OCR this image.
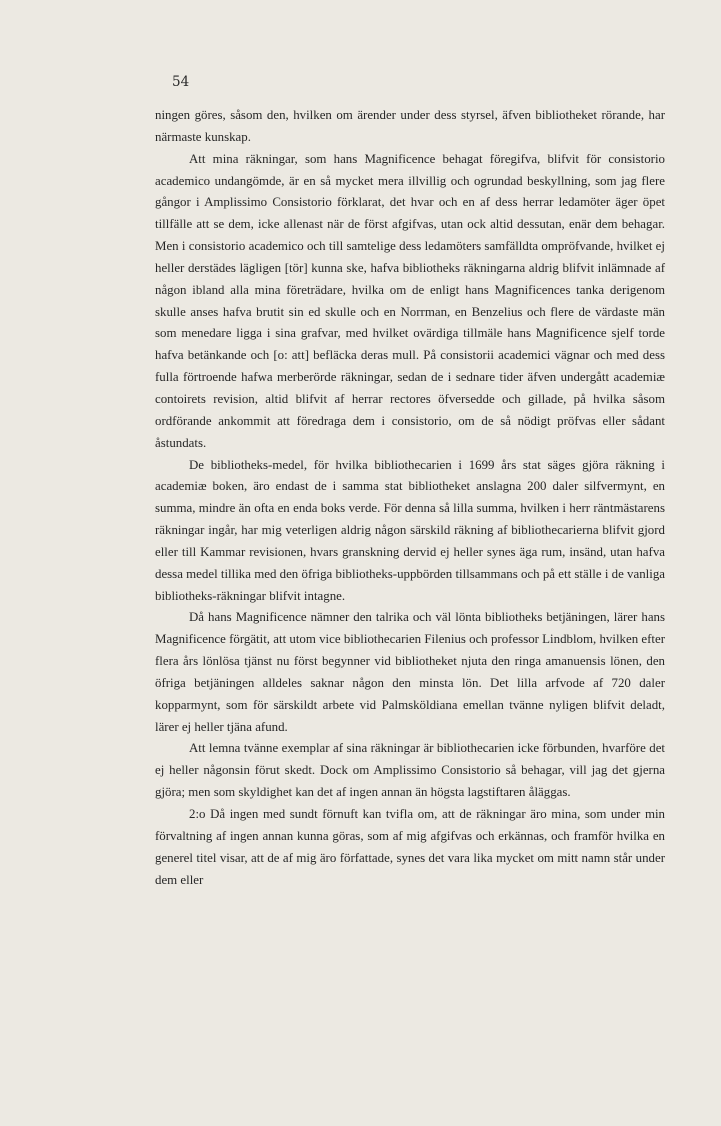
54

ningen göres, såsom den, hvilken om ärender under dess styrsel, äfven bibliotheket rörande, har närmaste kunskap.

Att mina räkningar, som hans Magnificence behagat föregifva, blifvit för consistorio academico undangömde, är en så mycket mera illvillig och ogrundad beskyllning, som jag flere gångor i Amplissimo Consistorio förklarat, det hvar och en af dess herrar ledamöter äger öpet tillfälle att se dem, icke allenast när de först afgifvas, utan ock altid dessutan, enär dem behagar. Men i consistorio academico och till samtelige dess ledamöters samfälldta ompröfvande, hvilket ej heller derstädes lägligen [tör] kunna ske, hafva bibliotheks räkningarna aldrig blifvit inlämnade af någon ibland alla mina företrädare, hvilka om de enligt hans Magnificences tanka derigenom skulle anses hafva brutit sin ed skulle och en Norrman, en Benzelius och flere de värdaste män som menedare ligga i sina grafvar, med hvilket ovärdiga tillmäle hans Magnificence sjelf torde hafva betänkande och [o: att] befläcka deras mull. På consistorii academici vägnar och med dess fulla förtroende hafwa merberörde räkningar, sedan de i sednare tider äfven undergått academiæ contoirets revision, altid blifvit af herrar rectores öfversedde och gillade, på hvilka såsom ordförande ankommit att föredraga dem i consistorio, om de så nödigt pröfvas eller sådant åstundats.

De bibliotheks-medel, för hvilka bibliothecarien i 1699 års stat säges gjöra räkning i academiæ boken, äro endast de i samma stat bibliotheket anslagna 200 daler silfvermynt, en summa, mindre än ofta en enda boks verde. För denna så lilla summa, hvilken i herr räntmästarens räkningar ingår, har mig veterligen aldrig någon särskild räkning af bibliothecarierna blifvit gjord eller till Kammar revisionen, hvars granskning dervid ej heller synes äga rum, insänd, utan hafva dessa medel tillika med den öfriga bibliotheks-uppbörden tillsammans och på ett ställe i de vanliga bibliotheks-räkningar blifvit intagne.

Då hans Magnificence nämner den talrika och väl lönta bibliotheks betjäningen, lärer hans Magnificence förgätit, att utom vice bibliothecarien Filenius och professor Lindblom, hvilken efter flera års lönlösa tjänst nu först begynner vid bibliotheket njuta den ringa amanuensis lönen, den öfriga betjäningen alldeles saknar någon den minsta lön. Det lilla arfvode af 720 daler kopparmynt, som för särskildt arbete vid Palmsköldiana emellan tvänne nyligen blifvit deladt, lärer ej heller tjäna afund.

Att lemna tvänne exemplar af sina räkningar är bibliothecarien icke förbunden, hvarföre det ej heller någonsin förut skedt. Dock om Amplissimo Consistorio så behagar, vill jag det gjerna gjöra; men som skyldighet kan det af ingen annan än högsta lagstiftaren åläggas.

2:o Då ingen med sundt förnuft kan tvifla om, att de räkningar äro mina, som under min förvaltning af ingen annan kunna göras, som af mig afgifvas och erkännas, och framför hvilka en generel titel visar, att de af mig äro författade, synes det vara lika mycket om mitt namn står under dem eller
